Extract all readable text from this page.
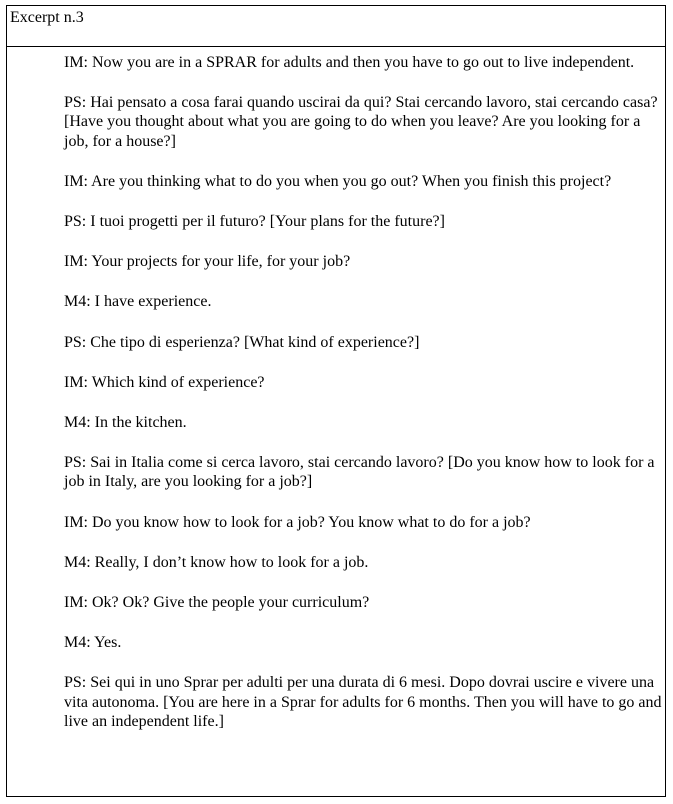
Excerpt n.3

IM: Now you are in a SPRAR for adults and then you have to go out to live independent.

PS: Hai pensato a cosa farai quando uscirai da qui? Stai cercando lavoro, stai cercando casa? [Have you thought about what you are going to do when you leave? Are you looking for a job, for a house?]

IM: Are you thinking what to do you when you go out? When you finish this project?

PS: I tuoi progetti per il futuro? [Your plans for the future?]

IM: Your projects for your life, for your job?

M4: I have experience.

PS: Che tipo di esperienza? [What kind of experience?]

IM: Which kind of experience?

M4: In the kitchen.

PS: Sai in Italia come si cerca lavoro, stai cercando lavoro? [Do you know how to look for a job in Italy, are you looking for a job?]

IM: Do you know how to look for a job? You know what to do for a job?

M4: Really, I don’t know how to look for a job.

IM: Ok? Ok? Give the people your curriculum?

M4: Yes.

PS: Sei qui in uno Sprar per adulti per una durata di 6 mesi. Dopo dovrai uscire e vivere una vita autonoma. [You are here in a Sprar for adults for 6 months. Then you will have to go and live an independent life.]
